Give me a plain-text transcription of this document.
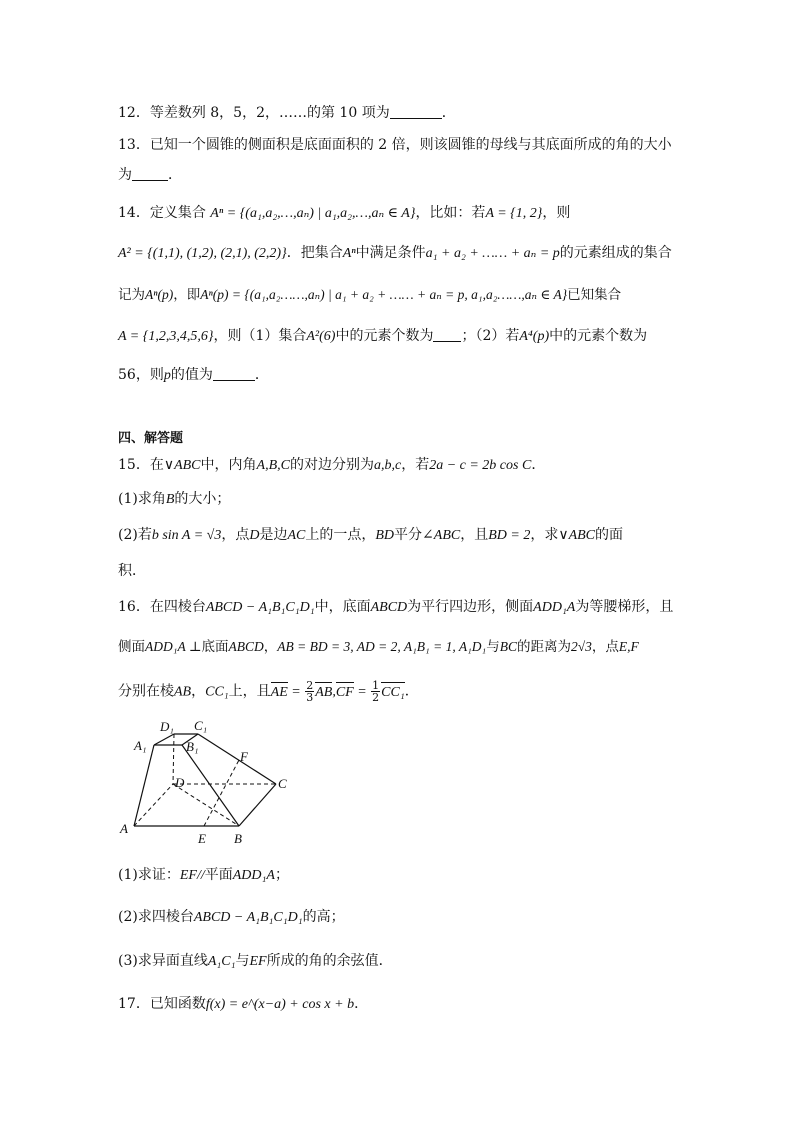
12．等差数列 8，5，2，……的第 10 项为	．
13．已知一个圆锥的侧面积是底面面积的 2 倍，则该圆锥的母线与其底面所成的角的大小
为	．
14．定义集合 Aⁿ = {(a₁,a₂,…,aₙ) | a₁,a₂,…,aₙ ∈ A}，比如：若A = {1, 2}，则
A² = {(1,1), (1,2), (2,1), (2,2)}．把集合Aⁿ中满足条件a₁ + a₂ + …… + aₙ = p的元素组成的集合
记为Aⁿ(p)，即Aⁿ(p) = {(a₁,a₂……,aₙ) | a₁ + a₂ + …… + aₙ = p, a₁,a₂……,aₙ ∈ A}已知集合
A = {1,2,3,4,5,6}，则（1）集合A²(6)中的元素个数为 ；（2）若A⁴(p)中的元素个数为
56，则p的值为	．
四、解答题
15．在∨ABC中，内角A,B,C的对边分别为a,b,c，若2a − c = 2b cos C．
(1)求角B的大小；
(2)若b sin A = √3，点D是边AC上的一点，BD平分∠ABC，且BD = 2，求∨ABC的面
积．
16．在四棱台ABCD − A₁B₁C₁D₁中，底面ABCD为平行四边形，侧面ADD₁A为等腰梯形，且
侧面ADD₁A ⊥底面ABCD，AB = BD = 3, AD = 2, A₁B₁ = 1, A₁D₁与BC的距离为2√3，点E,F
分别在棱AB，CC₁上，且AE = $\frac{2}{3} AB,CF = \frac{1}{2} CC_1$．
D₁ C₁
A₁	B₁
F
D	C
A
E B
(1)求证：EF//平面ADD₁A；
(2)求四棱台ABCD − A₁B₁C₁D₁的高；
(3)求异面直线A₁C₁与EF所成的角的余弦值．
17．已知函数f(x) = e^(x−a) + cos x + b．
